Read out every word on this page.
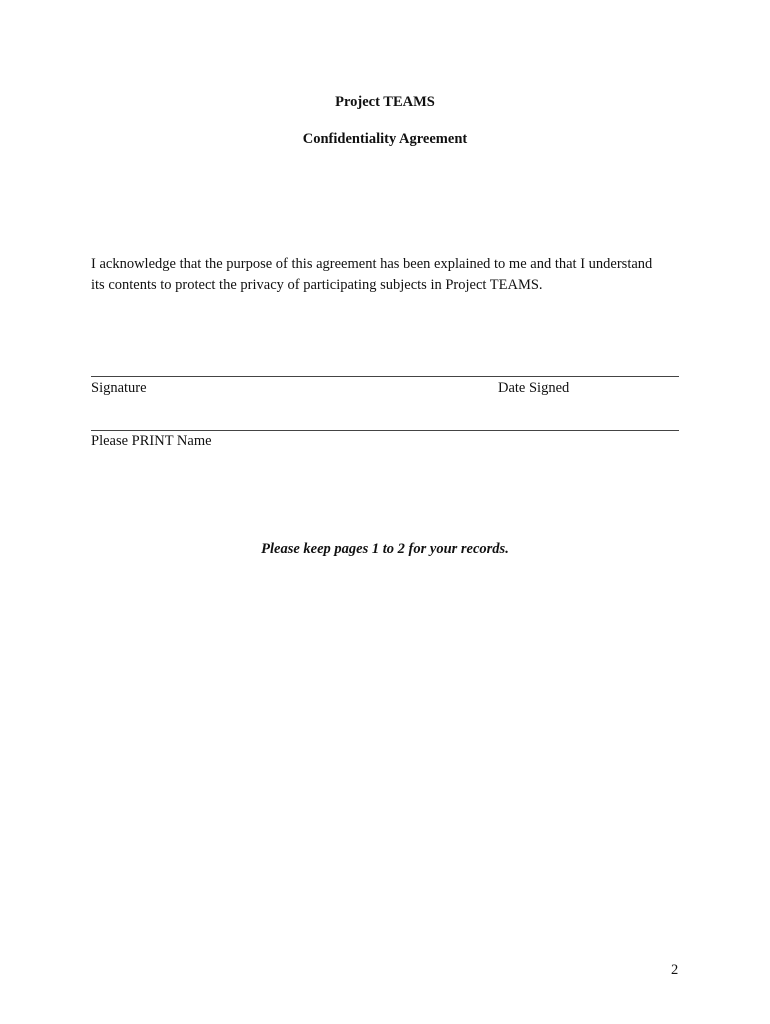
Project TEAMS
Confidentiality Agreement
I acknowledge that the purpose of this agreement has been explained to me and that I understand
its contents to protect the privacy of participating subjects in Project TEAMS.
Signature	Date Signed
Please PRINT Name
Please keep pages 1 to 2 for your records.
2
